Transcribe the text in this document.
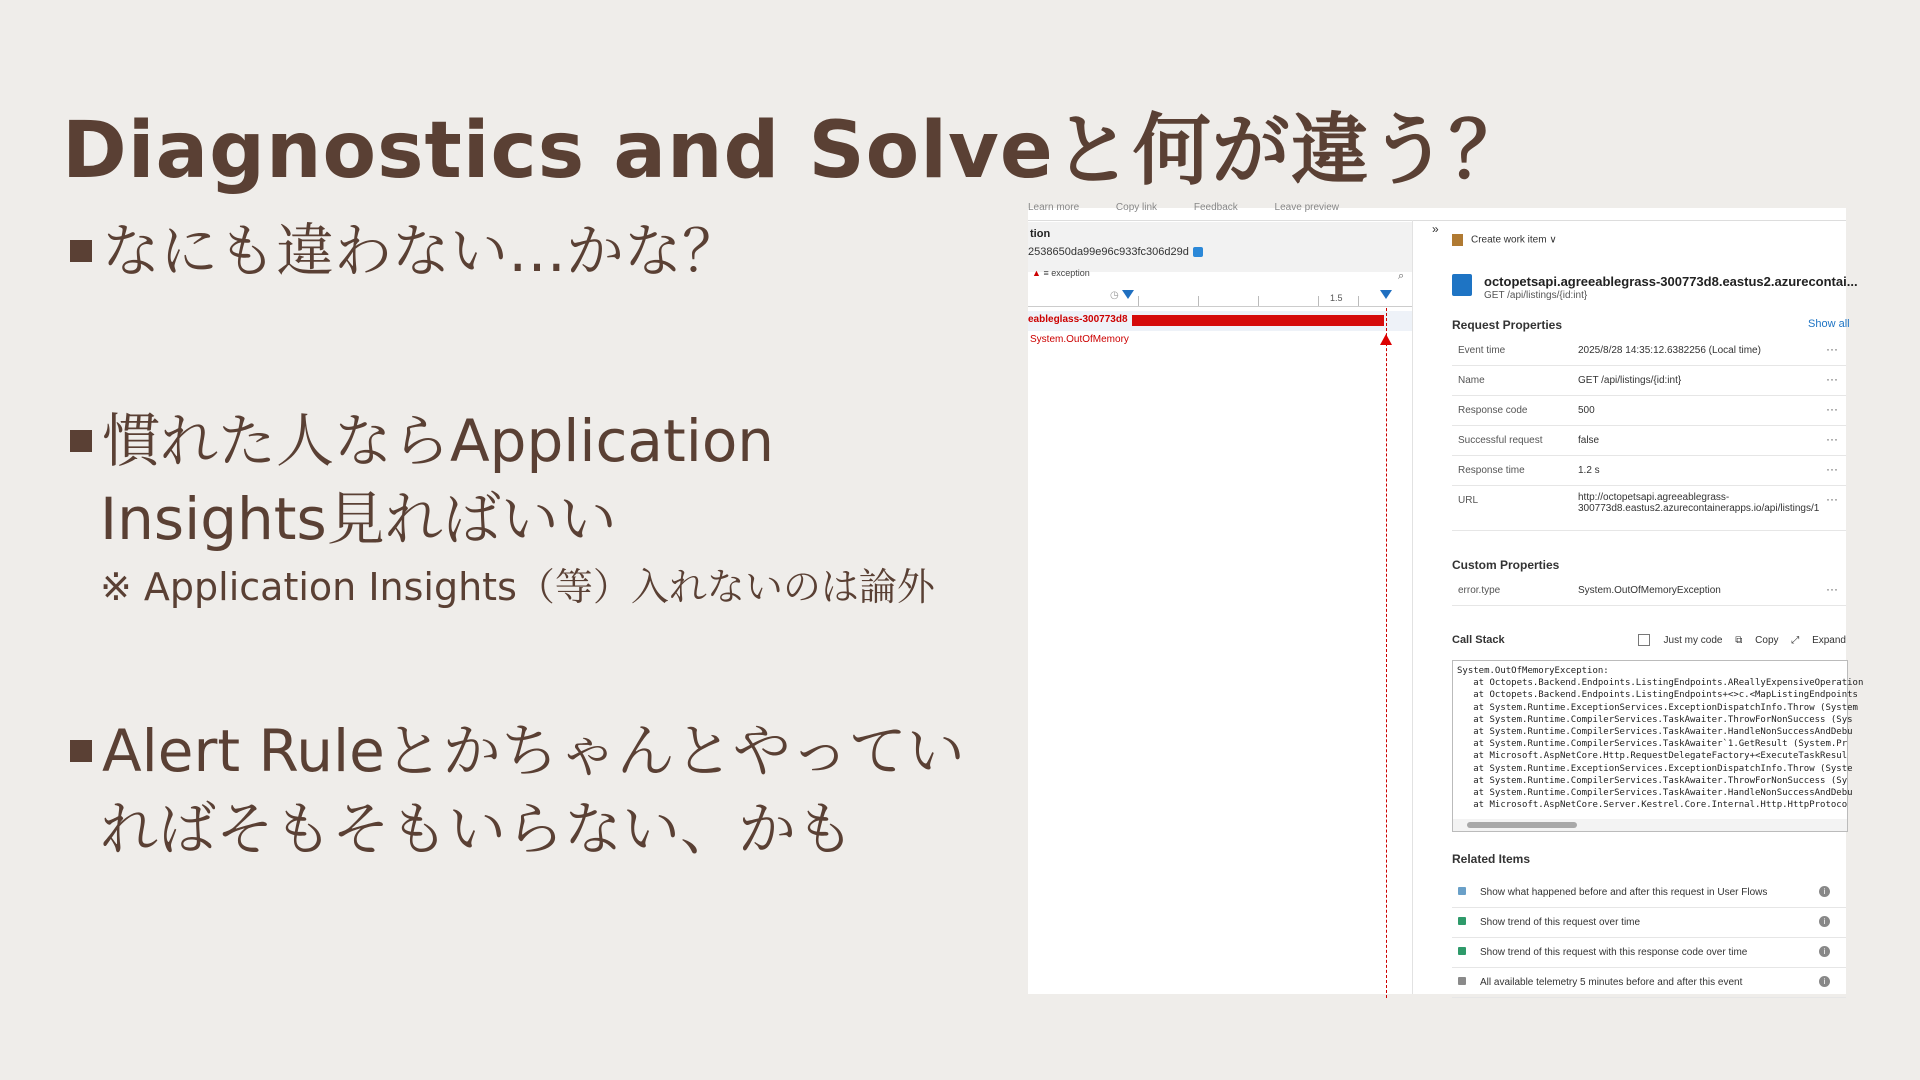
Diagnostics and Solveと何が違う？
なにも違わない…かな？
慣れた人ならApplication
Insights見ればいい
※ Application Insights（等）入れないのは論外
Alert Ruleとかちゃんとやってい
ればそもそもいらない、かも
Learn more	Copy link	Feedback	Leave preview
tion
2538650da99e96c933fc306d29d
▲ ≡ exception	⌕
◷	1.5
eableglass-300773d8
System.OutOfMemory
»
Create work item ∨
octopetsapi.agreeablegrass-300773d8.eastus2.azurecontai...
GET /api/listings/{id:int}
Request Properties	Show all
Event time	2025/8/28 14:35:12.6382256 (Local time)	···
Name	GET /api/listings/{id:int}	···
Response code	500	···
Successful request	false	···
Response time	1.2 s	···
URL	http://octopetsapi.agreeablegrass-300773d8.eastus2.azurecontainerapps.io/api/listings/1
···
Custom Properties
error.type	System.OutOfMemoryException	···
Call Stack	Just my code ⧉ Copy ⤢ Expand
System.OutOfMemoryException:
at Octopets.Backend.Endpoints.ListingEndpoints.AReallyExpensiveOperation
at Octopets.Backend.Endpoints.ListingEndpoints+<>c.<MapListingEndpoints
at System.Runtime.ExceptionServices.ExceptionDispatchInfo.Throw (System
at System.Runtime.CompilerServices.TaskAwaiter.ThrowForNonSuccess (Sys
at System.Runtime.CompilerServices.TaskAwaiter.HandleNonSuccessAndDebu
at System.Runtime.CompilerServices.TaskAwaiter`1.GetResult (System.Pr
at Microsoft.AspNetCore.Http.RequestDelegateFactory+<ExecuteTaskResul
at System.Runtime.ExceptionServices.ExceptionDispatchInfo.Throw (Syste
at System.Runtime.CompilerServices.TaskAwaiter.ThrowForNonSuccess (Sy
at System.Runtime.CompilerServices.TaskAwaiter.HandleNonSuccessAndDebu
at Microsoft.AspNetCore.Server.Kestrel.Core.Internal.Http.HttpProtoco
Related Items
Show what happened before and after this request in User Flows	i
Show trend of this request over time	i
Show trend of this request with this response code over time	i
All available telemetry 5 minutes before and after this event	i
